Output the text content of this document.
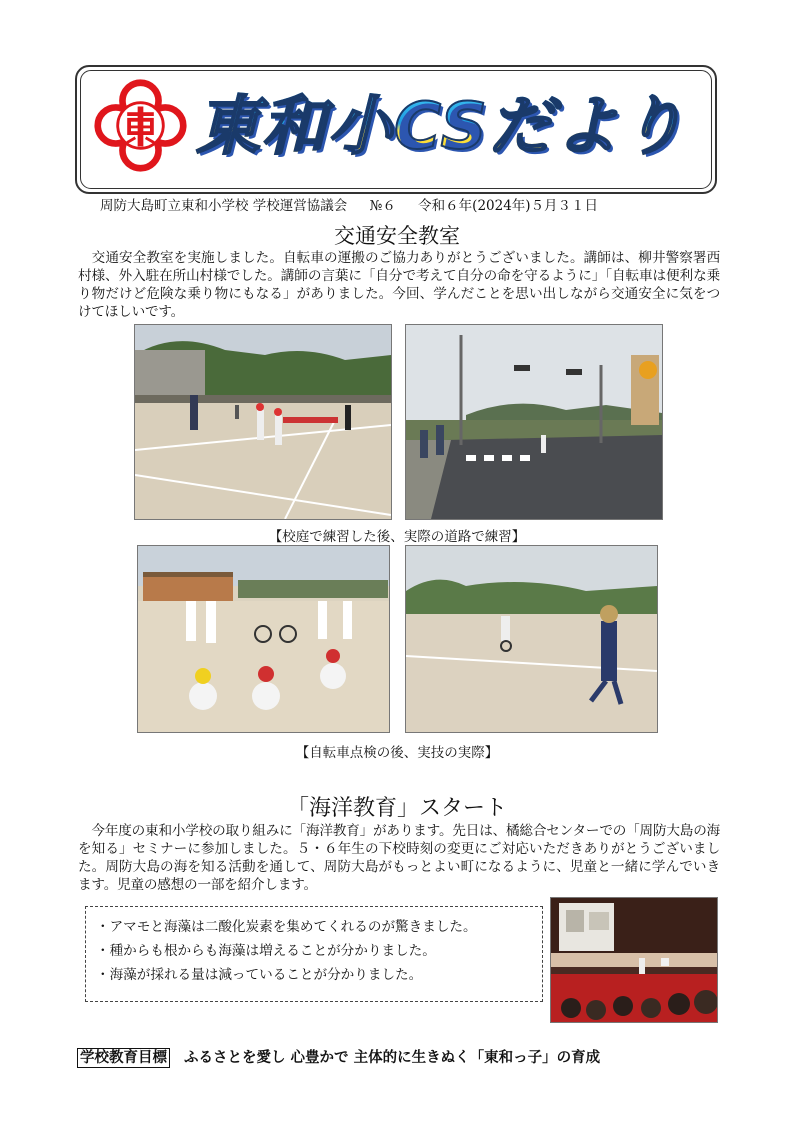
東和小CSだより
周防大島町立東和小学校 学校運営協議会 №６ 令和６年(2024年)５月３１日
交通安全教室
　交通安全教室を実施しました。自転車の運搬のご協力ありがとうございました。講師は、柳井警察署西村様、外入駐在所山村様でした。講師の言葉に「自分で考えて自分の命を守るように」「自転車は便利な乗り物だけど危険な乗り物にもなる」がありました。今回、学んだことを思い出しながら交通安全に気をつけてほしいです。
【校庭で練習した後、実際の道路で練習】
【自転車点検の後、実技の実際】
「海洋教育」スタート
　今年度の東和小学校の取り組みに「海洋教育」があります。先日は、橘総合センターでの「周防大島の海を知る」セミナーに参加しました。５・６年生の下校時刻の変更にご対応いただきありがとうございました。周防大島の海を知る活動を通して、周防大島がもっとよい町になるように、児童と一緒に学んでいきます。児童の感想の一部を紹介します。
・アマモと海藻は二酸化炭素を集めてくれるのが驚きました。
・種からも根からも海藻は増えることが分かりました。
・海藻が採れる量は減っていることが分かりました。
学校教育目標 ふるさとを愛し 心豊かで 主体的に生きぬく「東和っ子」の育成
